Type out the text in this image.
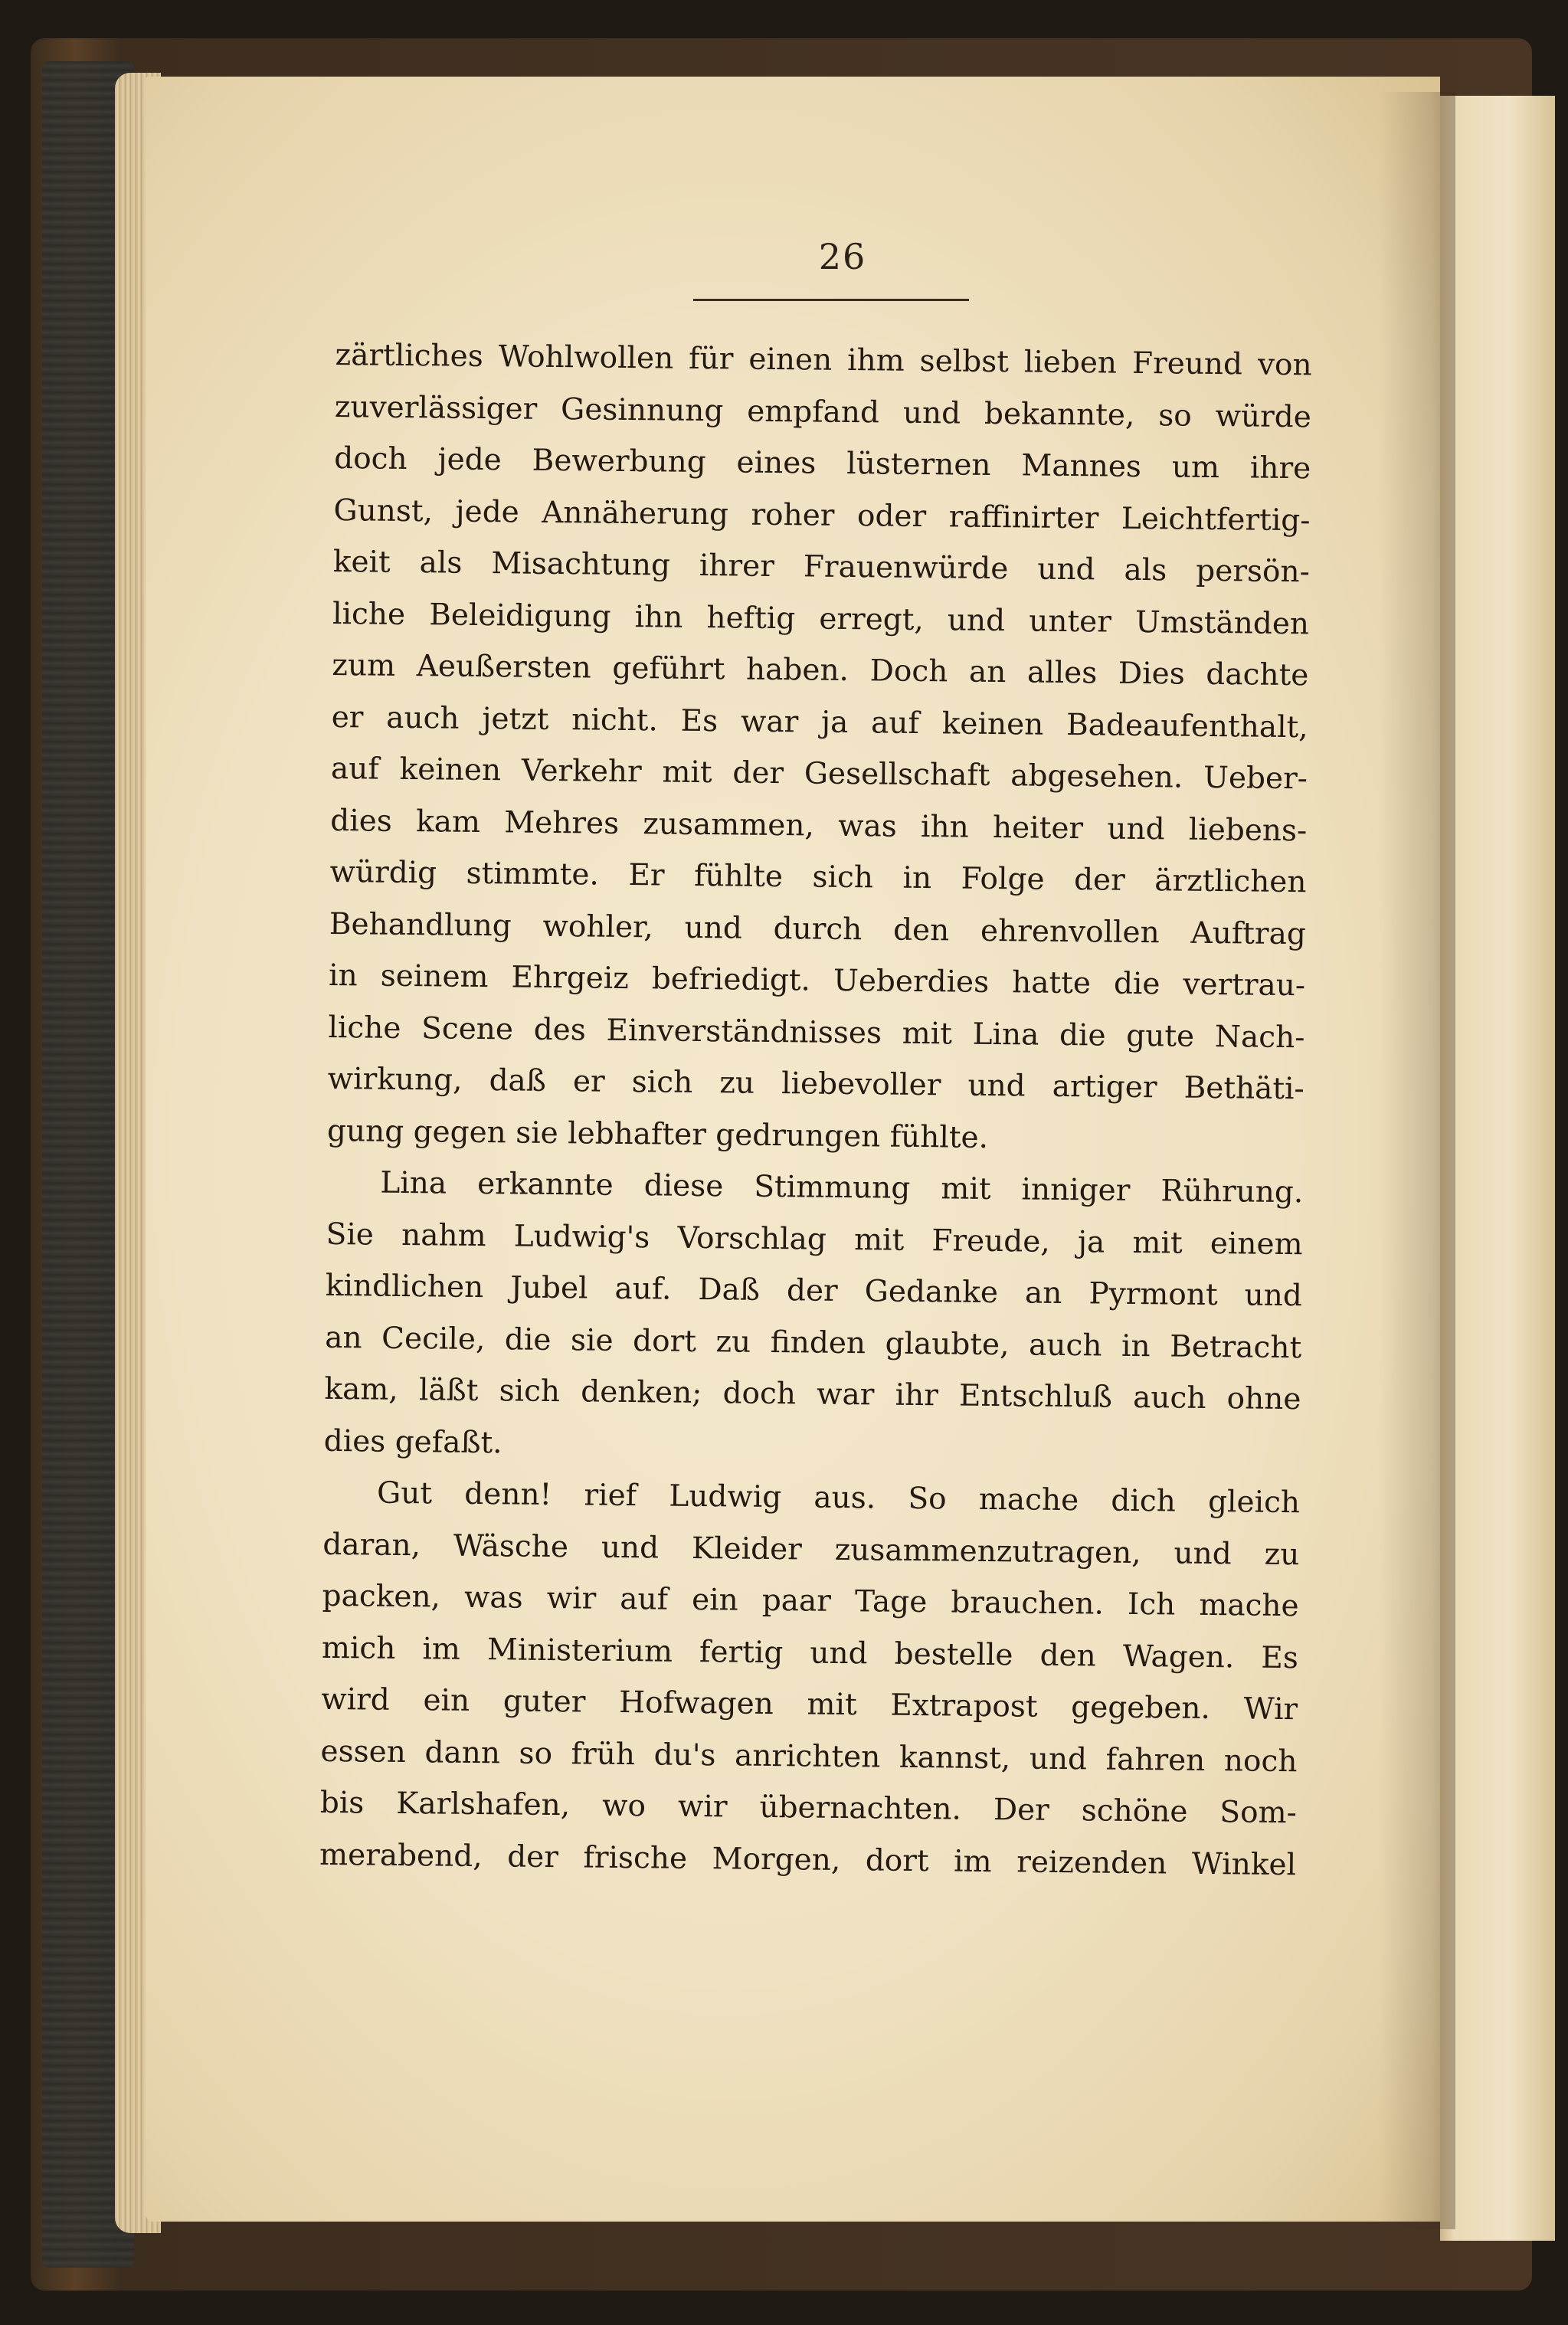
26
zärtliches Wohlwollen für einen ihm selbst lieben Freund von
zuverlässiger Gesinnung empfand und bekannte, so würde
doch jede Bewerbung eines lüsternen Mannes um ihre
Gunst, jede Annäherung roher oder raffinirter Leichtfertig-
keit als Misachtung ihrer Frauenwürde und als persön-
liche Beleidigung ihn heftig erregt, und unter Umständen
zum Aeußersten geführt haben. Doch an alles Dies dachte
er auch jetzt nicht. Es war ja auf keinen Badeaufenthalt,
auf keinen Verkehr mit der Gesellschaft abgesehen. Ueber-
dies kam Mehres zusammen, was ihn heiter und liebens-
würdig stimmte. Er fühlte sich in Folge der ärztlichen
Behandlung wohler, und durch den ehrenvollen Auftrag
in seinem Ehrgeiz befriedigt. Ueberdies hatte die vertrau-
liche Scene des Einverständnisses mit Lina die gute Nach-
wirkung, daß er sich zu liebevoller und artiger Bethäti-
gung gegen sie lebhafter gedrungen fühlte.
Lina erkannte diese Stimmung mit inniger Rührung.
Sie nahm Ludwig's Vorschlag mit Freude, ja mit einem
kindlichen Jubel auf. Daß der Gedanke an Pyrmont und
an Cecile, die sie dort zu finden glaubte, auch in Betracht
kam, läßt sich denken; doch war ihr Entschluß auch ohne
dies gefaßt.
Gut denn! rief Ludwig aus. So mache dich gleich
daran, Wäsche und Kleider zusammenzutragen, und zu
packen, was wir auf ein paar Tage brauchen. Ich mache
mich im Ministerium fertig und bestelle den Wagen. Es
wird ein guter Hofwagen mit Extrapost gegeben. Wir
essen dann so früh du's anrichten kannst, und fahren noch
bis Karlshafen, wo wir übernachten. Der schöne Som-
merabend, der frische Morgen, dort im reizenden Winkel
